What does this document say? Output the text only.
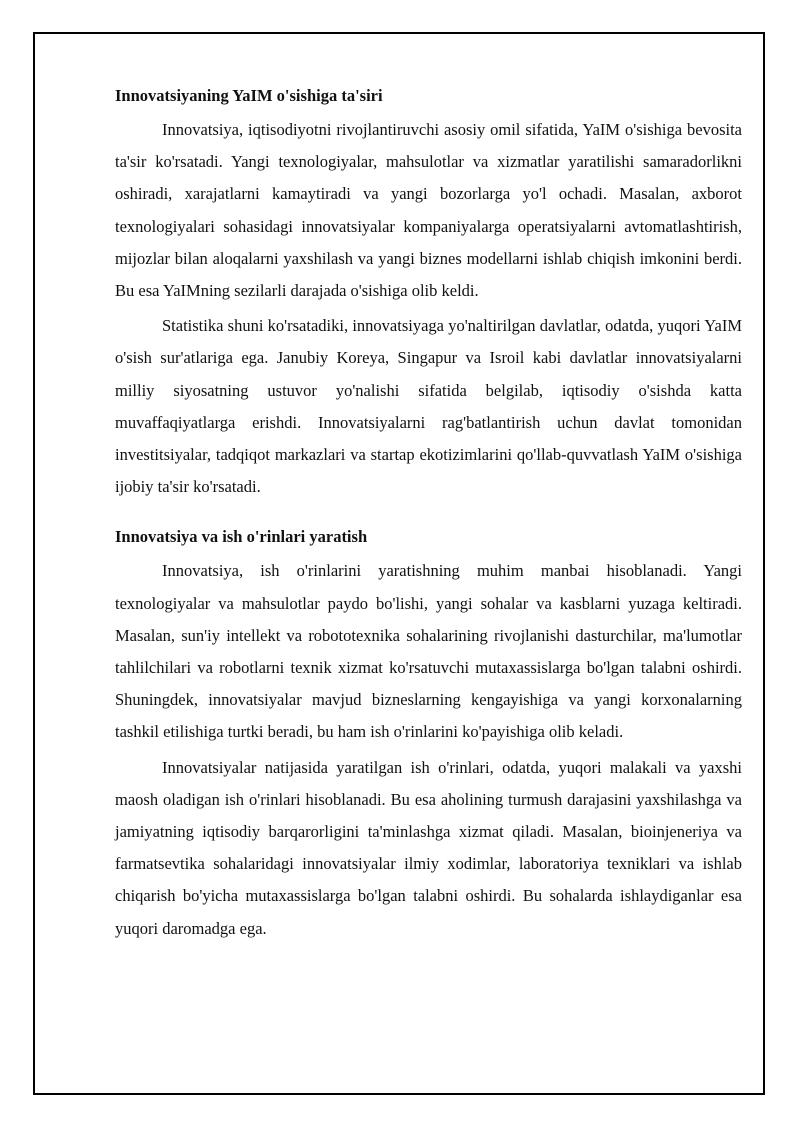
Innovatsiyaning YaIM o'sishiga ta'siri

Innovatsiya, iqtisodiyotni rivojlantiruvchi asosiy omil sifatida, YaIM o'sishiga bevosita ta'sir ko'rsatadi. Yangi texnologiyalar, mahsulotlar va xizmatlar yaratilishi samaradorlikni oshiradi, xarajatlarni kamaytiradi va yangi bozorlarga yo'l ochadi. Masalan, axborot texnologiyalari sohasidagi innovatsiyalar kompaniyalarga operatsiyalarni avtomatlashtirish, mijozlar bilan aloqalarni yaxshilash va yangi biznes modellarni ishlab chiqish imkonini berdi. Bu esa YaIMning sezilarli darajada o'sishiga olib keldi.

Statistika shuni ko'rsatadiki, innovatsiyaga yo'naltirilgan davlatlar, odatda, yuqori YaIM o'sish sur'atlariga ega. Janubiy Koreya, Singapur va Isroil kabi davlatlar innovatsiyalarni milliy siyosatning ustuvor yo'nalishi sifatida belgilab, iqtisodiy o'sishda katta muvaffaqiyatlarga erishdi. Innovatsiyalarni rag'batlantirish uchun davlat tomonidan investitsiyalar, tadqiqot markazlari va startap ekotizimlarini qo'llab-quvvatlash YaIM o'sishiga ijobiy ta'sir ko'rsatadi.

Innovatsiya va ish o'rinlari yaratish

Innovatsiya, ish o'rinlarini yaratishning muhim manbai hisoblanadi. Yangi texnologiyalar va mahsulotlar paydo bo'lishi, yangi sohalar va kasblarni yuzaga keltiradi. Masalan, sun'iy intellekt va robototexnika sohalarining rivojlanishi dasturchilar, ma'lumotlar tahlilchilari va robotlarni texnik xizmat ko'rsatuvchi mutaxassislarga bo'lgan talabni oshirdi. Shuningdek, innovatsiyalar mavjud bizneslarning kengayishiga va yangi korxonalarning tashkil etilishiga turtki beradi, bu ham ish o'rinlarini ko'payishiga olib keladi.

Innovatsiyalar natijasida yaratilgan ish o'rinlari, odatda, yuqori malakali va yaxshi maosh oladigan ish o'rinlari hisoblanadi. Bu esa aholining turmush darajasini yaxshilashga va jamiyatning iqtisodiy barqarorligini ta'minlashga xizmat qiladi. Masalan, bioinjeneriya va farmatsevtika sohalaridagi innovatsiyalar ilmiy xodimlar, laboratoriya texniklari va ishlab chiqarish bo'yicha mutaxassislarga bo'lgan talabni oshirdi. Bu sohalarda ishlaydiganlar esa yuqori daromadga ega.
